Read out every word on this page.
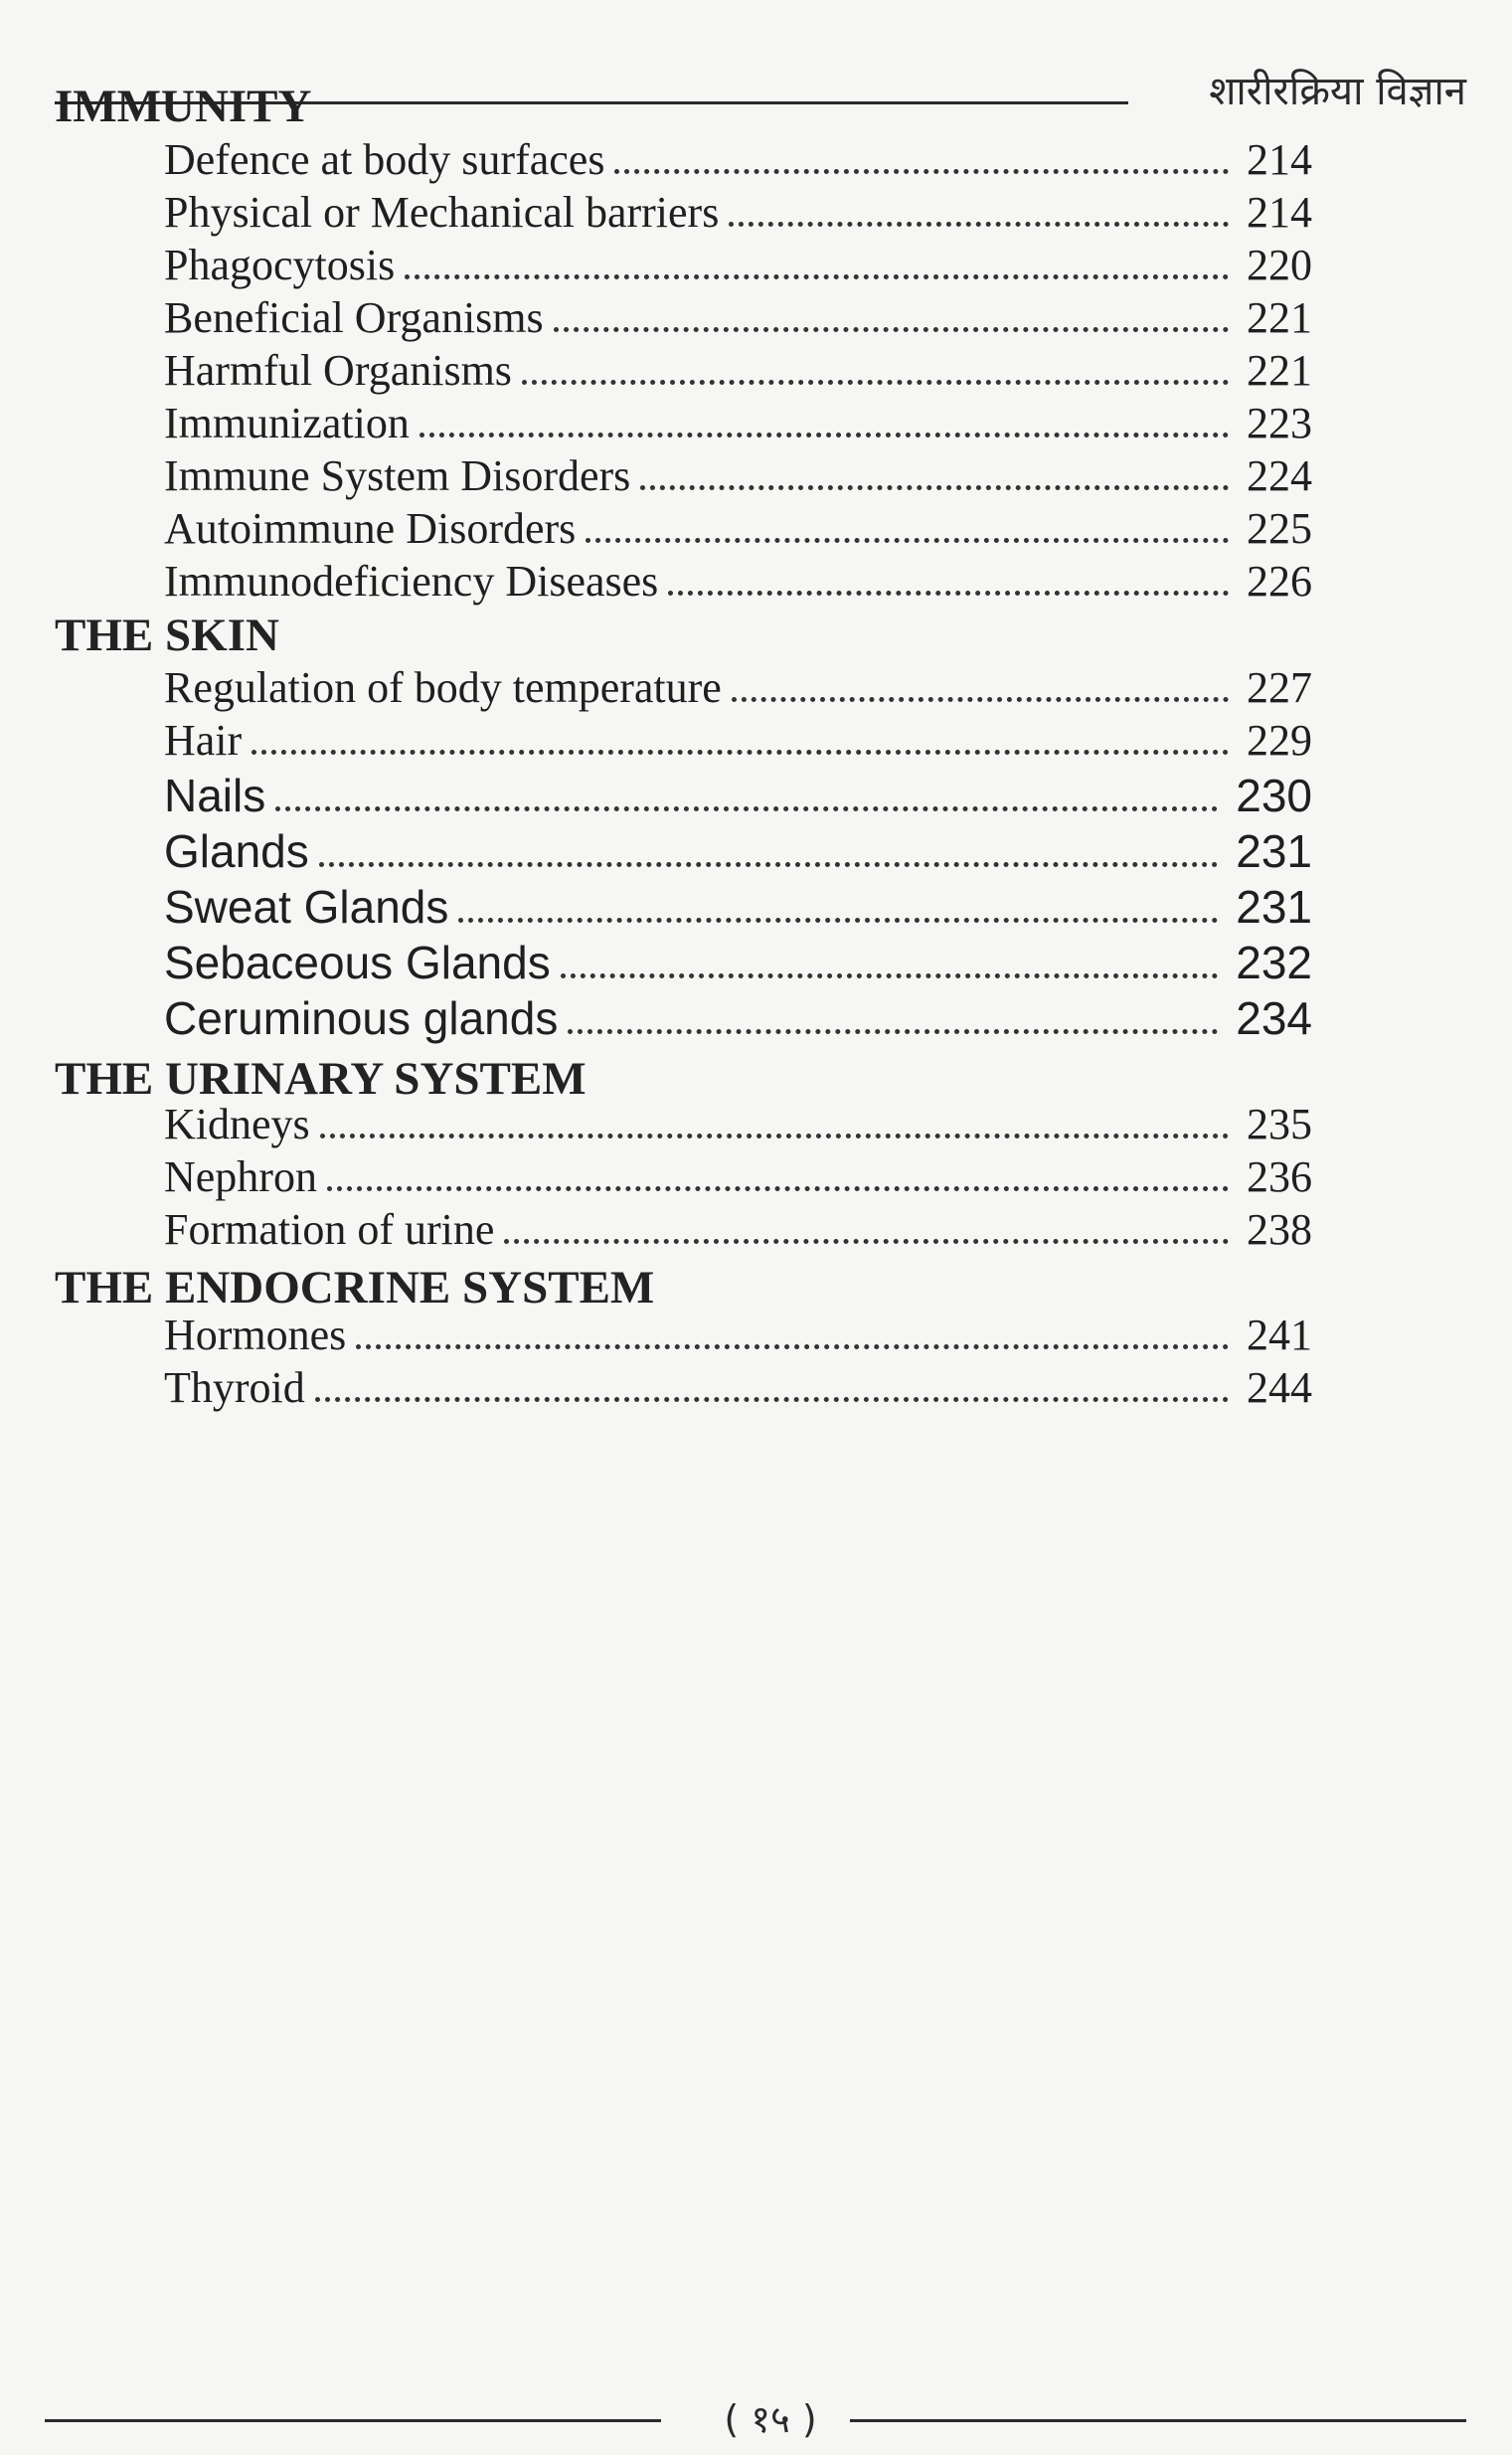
शारीरक्रिया विज्ञान
IMMUNITY
Defence at body surfaces	214
Physical or Mechanical barriers	214
Phagocytosis	220
Beneficial Organisms	221
Harmful Organisms	221
Immunization	223
Immune System Disorders	224
Autoimmune Disorders	225
Immunodeficiency Diseases	226
THE SKIN
Regulation of body temperature	227
Hair	229
Nails	230
Glands	231
Sweat Glands	231
Sebaceous Glands	232
Ceruminous glands	234
THE URINARY SYSTEM
Kidneys	235
Nephron	236
Formation of urine	238
THE ENDOCRINE SYSTEM
Hormones	241
Thyroid	244
( १५ )
